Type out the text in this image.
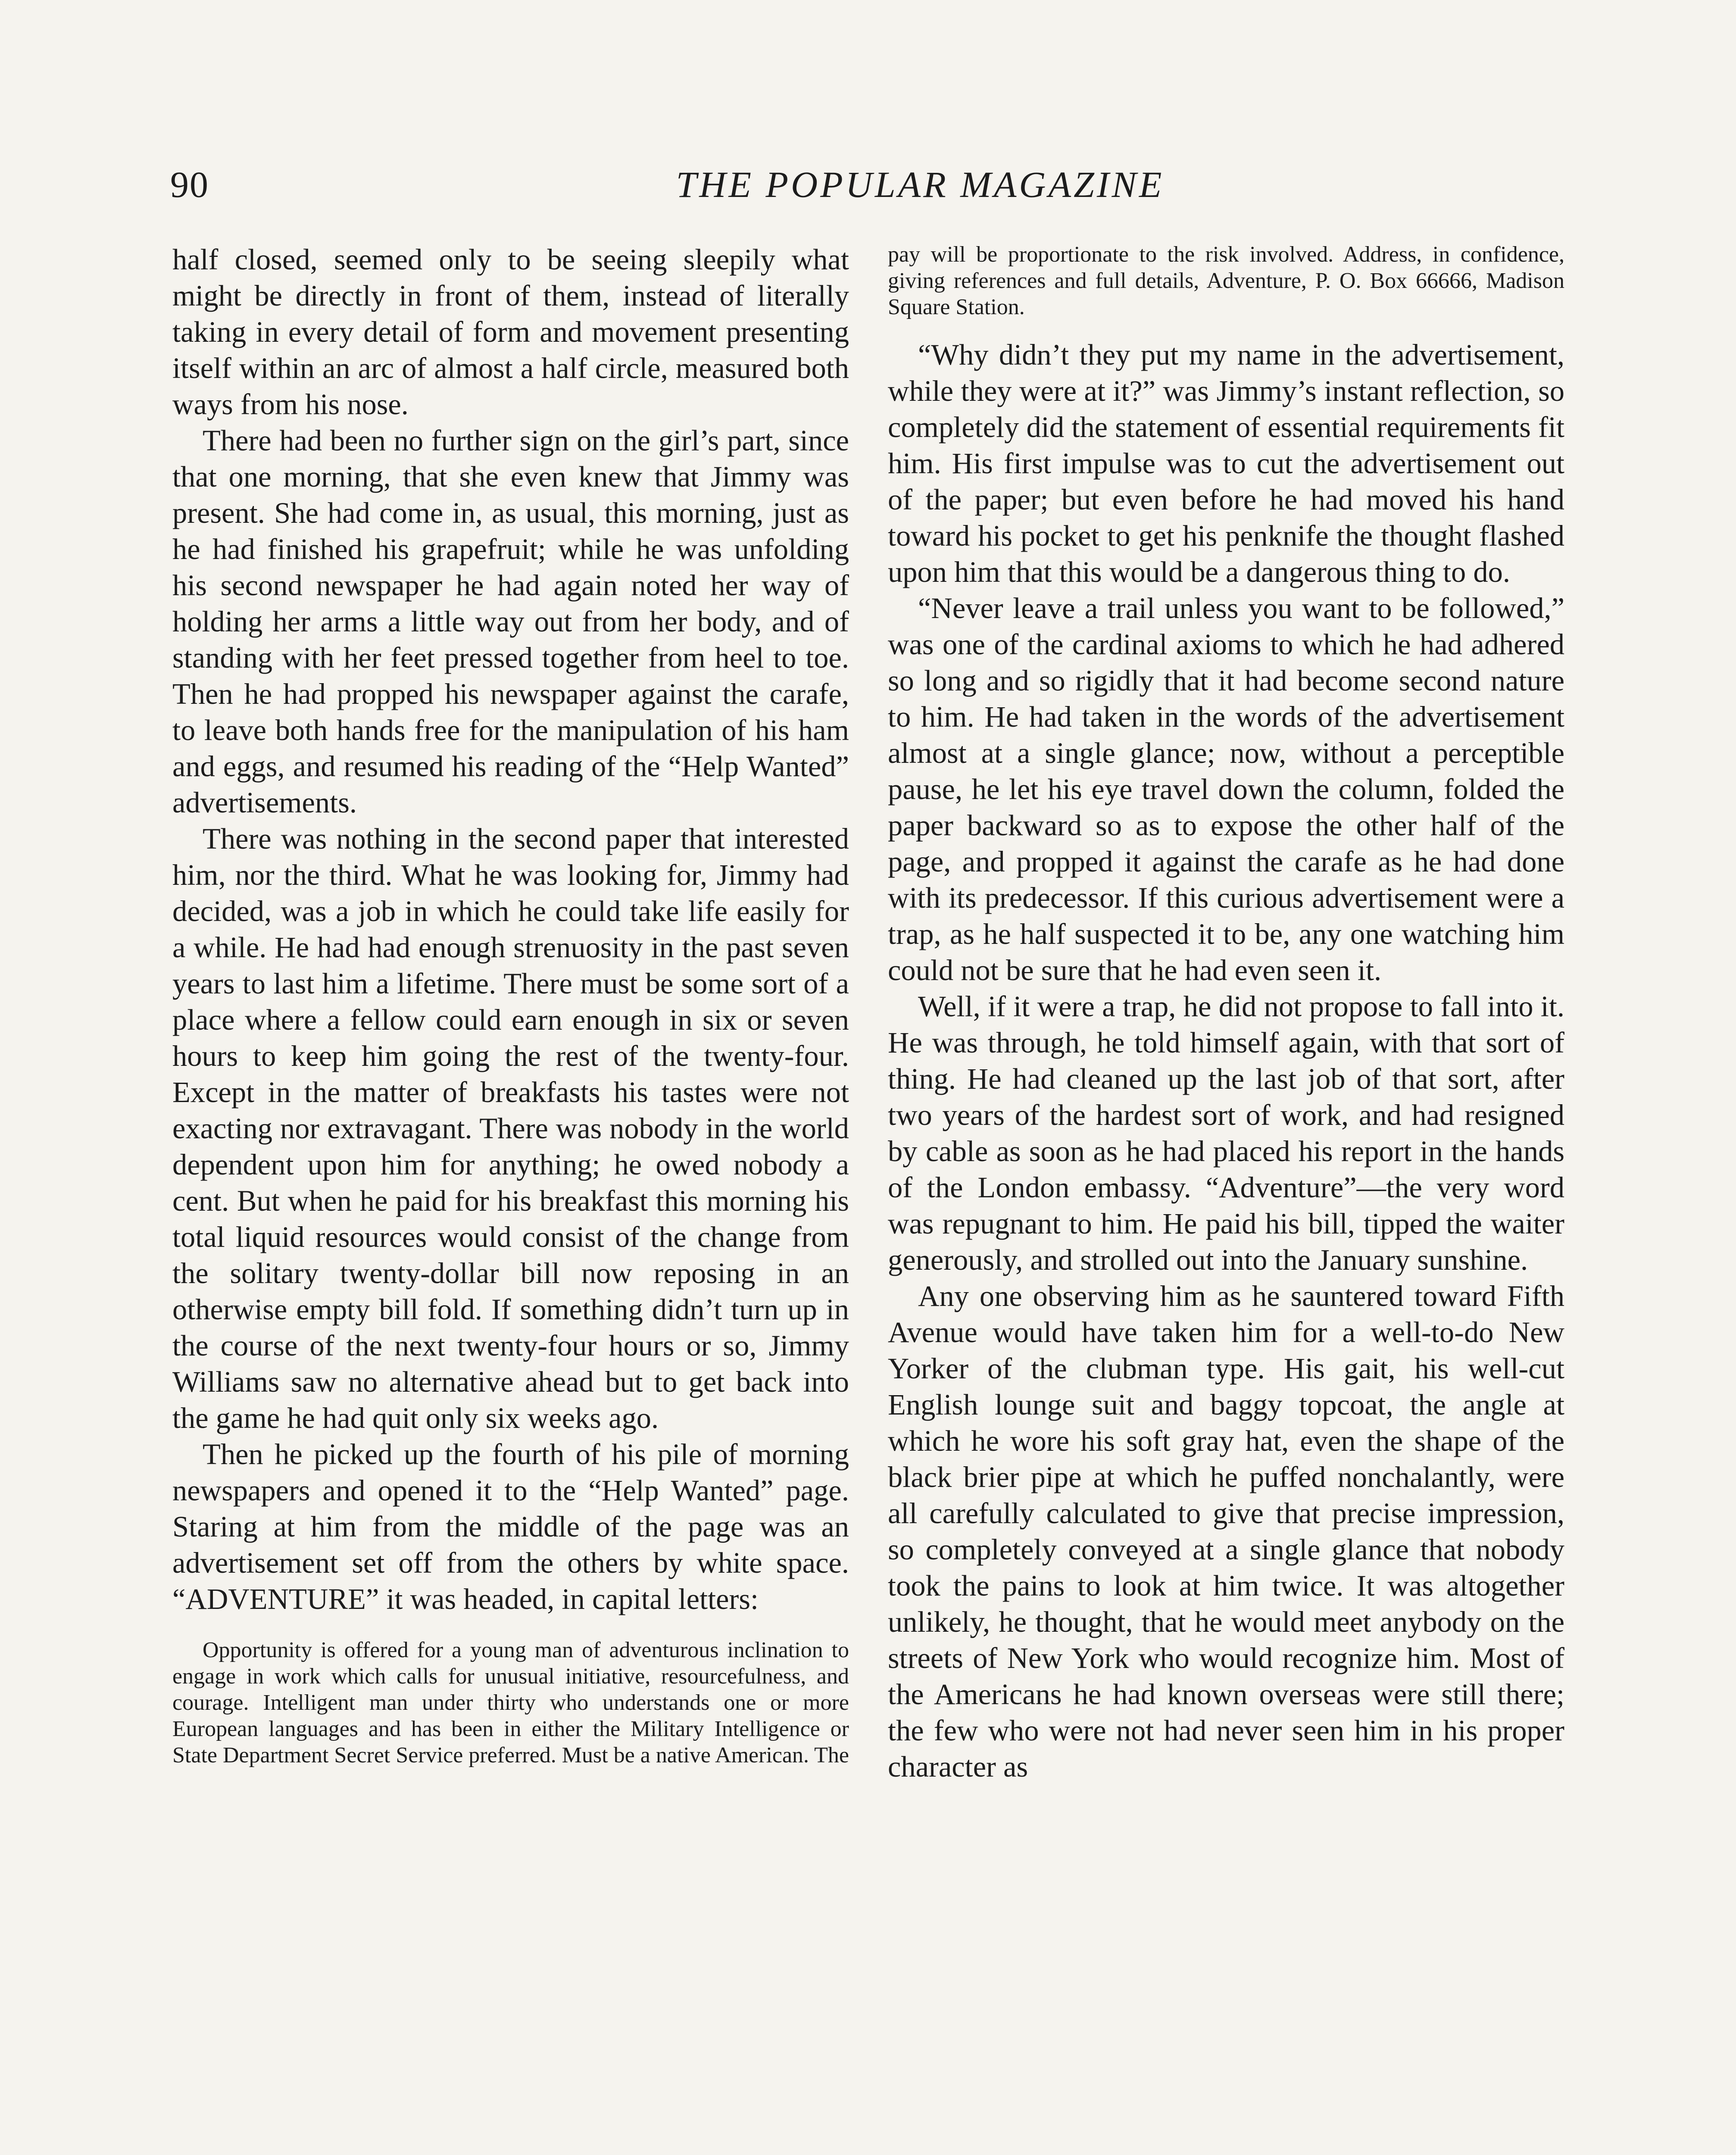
90	THE POPULAR MAGAZINE

half closed, seemed only to be seeing sleepily what might be directly in front of them, instead of literally taking in every detail of form and movement presenting itself within an arc of almost a half circle, measured both ways from his nose.

There had been no further sign on the girl’s part, since that one morning, that she even knew that Jimmy was present. She had come in, as usual, this morning, just as he had finished his grapefruit; while he was unfolding his second newspaper he had again noted her way of holding her arms a little way out from her body, and of standing with her feet pressed together from heel to toe. Then he had propped his newspaper against the carafe, to leave both hands free for the manipulation of his ham and eggs, and resumed his reading of the “Help Wanted” advertisements.

There was nothing in the second paper that interested him, nor the third. What he was looking for, Jimmy had decided, was a job in which he could take life easily for a while. He had had enough strenuosity in the past seven years to last him a lifetime. There must be some sort of a place where a fellow could earn enough in six or seven hours to keep him going the rest of the twenty-four. Except in the matter of breakfasts his tastes were not exacting nor extravagant. There was nobody in the world dependent upon him for anything; he owed nobody a cent. But when he paid for his breakfast this morning his total liquid resources would consist of the change from the solitary twenty-dollar bill now reposing in an otherwise empty bill fold. If something didn’t turn up in the course of the next twenty-four hours or so, Jimmy Williams saw no alternative ahead but to get back into the game he had quit only six weeks ago.

Then he picked up the fourth of his pile of morning newspapers and opened it to the “Help Wanted” page. Staring at him from the middle of the page was an advertisement set off from the others by white space. “ADVENTURE” it was headed, in capital letters:

Opportunity is offered for a young man of adventurous inclination to engage in work which calls for unusual initiative, resourcefulness, and courage. Intelligent man under thirty who understands one or more European languages and has been in either the Military Intelligence or State Department Secret Service preferred. Must be a native American. The

pay will be proportionate to the risk involved. Address, in confidence, giving references and full details, Adventure, P. O. Box 66666, Madison Square Station.

“Why didn’t they put my name in the advertisement, while they were at it?” was Jimmy’s instant reflection, so completely did the statement of essential requirements fit him. His first impulse was to cut the advertisement out of the paper; but even before he had moved his hand toward his pocket to get his penknife the thought flashed upon him that this would be a dangerous thing to do.

“Never leave a trail unless you want to be followed,” was one of the cardinal axioms to which he had adhered so long and so rigidly that it had become second nature to him. He had taken in the words of the advertisement almost at a single glance; now, without a perceptible pause, he let his eye travel down the column, folded the paper backward so as to expose the other half of the page, and propped it against the carafe as he had done with its predecessor. If this curious advertisement were a trap, as he half suspected it to be, any one watching him could not be sure that he had even seen it.

Well, if it were a trap, he did not propose to fall into it. He was through, he told himself again, with that sort of thing. He had cleaned up the last job of that sort, after two years of the hardest sort of work, and had resigned by cable as soon as he had placed his report in the hands of the London embassy. “Adventure”—the very word was repugnant to him. He paid his bill, tipped the waiter generously, and strolled out into the January sunshine.

Any one observing him as he sauntered toward Fifth Avenue would have taken him for a well-to-do New Yorker of the clubman type. His gait, his well-cut English lounge suit and baggy topcoat, the angle at which he wore his soft gray hat, even the shape of the black brier pipe at which he puffed nonchalantly, were all carefully calculated to give that precise impression, so completely conveyed at a single glance that nobody took the pains to look at him twice. It was altogether unlikely, he thought, that he would meet anybody on the streets of New York who would recognize him. Most of the Americans he had known overseas were still there; the few who were not had never seen him in his proper character as
